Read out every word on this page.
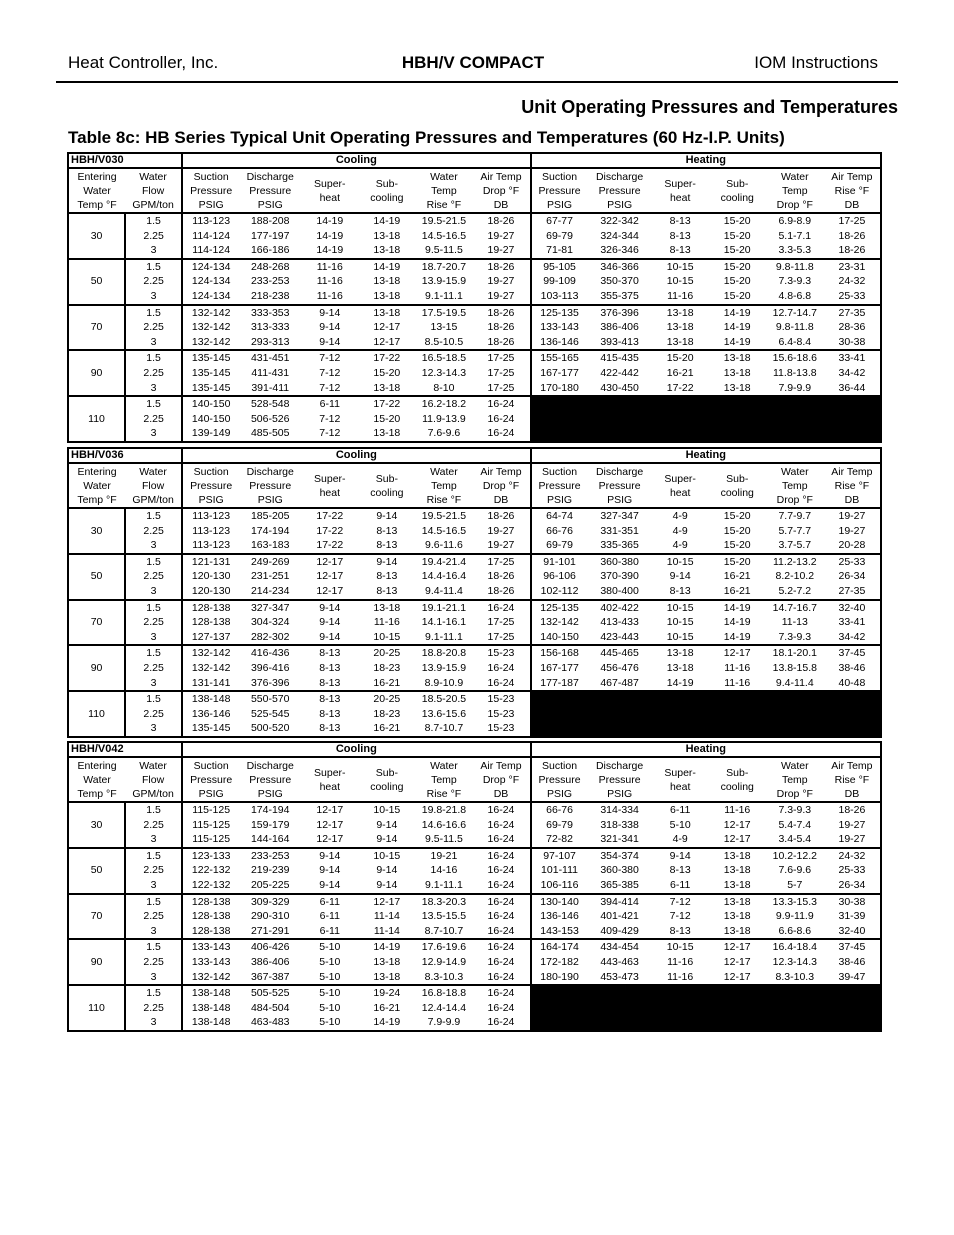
Heat Controller, Inc.	HBH/V COMPACT	IOM Instructions
Unit Operating Pressures and Temperatures
Table 8c: HB Series Typical Unit Operating Pressures and Temperatures (60 Hz-I.P. Units)
HBH/V030		Cooling						Heating					
Entering
Water
Temp °F	Water
Flow
GPM/ton	Suction
Pressure
PSIG	Discharge
Pressure
PSIG	Super-
heat	Sub-
cooling	Water
Temp
Rise °F	Air Temp
Drop °F
DB	Suction
Pressure
PSIG	Discharge
Pressure
PSIG	Super-
heat	Sub-
cooling	Water
Temp
Drop °F	Air Temp
Rise °F
DB
30	1.5	113-123	188-208	14-19	14-19	19.5-21.5	18-26	67-77	322-342	8-13	15-20	6.9-8.9	17-25
	2.25	114-124	177-197	14-19	13-18	14.5-16.5	19-27	69-79	324-344	8-13	15-20	5.1-7.1	18-26
	3	114-124	166-186	14-19	13-18	9.5-11.5	19-27	71-81	326-346	8-13	15-20	3.3-5.3	18-26
50	1.5	124-134	248-268	11-16	14-19	18.7-20.7	18-26	95-105	346-366	10-15	15-20	9.8-11.8	23-31
	2.25	124-134	233-253	11-16	13-18	13.9-15.9	19-27	99-109	350-370	10-15	15-20	7.3-9.3	24-32
	3	124-134	218-238	11-16	13-18	9.1-11.1	19-27	103-113	355-375	11-16	15-20	4.8-6.8	25-33
70	1.5	132-142	333-353	9-14	13-18	17.5-19.5	18-26	125-135	376-396	13-18	14-19	12.7-14.7	27-35
	2.25	132-142	313-333	9-14	12-17	13-15	18-26	133-143	386-406	13-18	14-19	9.8-11.8	28-36
	3	132-142	293-313	9-14	12-17	8.5-10.5	18-26	136-146	393-413	13-18	14-19	6.4-8.4	30-38
90	1.5	135-145	431-451	7-12	17-22	16.5-18.5	17-25	155-165	415-435	15-20	13-18	15.6-18.6	33-41
	2.25	135-145	411-431	7-12	15-20	12.3-14.3	17-25	167-177	422-442	16-21	13-18	11.8-13.8	34-42
	3	135-145	391-411	7-12	13-18	8-10	17-25	170-180	430-450	17-22	13-18	7.9-9.9	36-44
110	1.5	140-150	528-548	6-11	17-22	16.2-18.2	16-24						
	2.25	140-150	506-526	7-12	15-20	11.9-13.9	16-24						
	3	139-149	485-505	7-12	13-18	7.6-9.6	16-24						
HBH/V036		Cooling						Heating					
Entering
Water
Temp °F	Water
Flow
GPM/ton	Suction
Pressure
PSIG	Discharge
Pressure
PSIG	Super-
heat	Sub-
cooling	Water
Temp
Rise °F	Air Temp
Drop °F
DB	Suction
Pressure
PSIG	Discharge
Pressure
PSIG	Super-
heat	Sub-
cooling	Water
Temp
Drop °F	Air Temp
Rise °F
DB
30	1.5	113-123	185-205	17-22	9-14	19.5-21.5	18-26	64-74	327-347	4-9	15-20	7.7-9.7	19-27
	2.25	113-123	174-194	17-22	8-13	14.5-16.5	19-27	66-76	331-351	4-9	15-20	5.7-7.7	19-27
	3	113-123	163-183	17-22	8-13	9.6-11.6	19-27	69-79	335-365	4-9	15-20	3.7-5.7	20-28
50	1.5	121-131	249-269	12-17	9-14	19.4-21.4	17-25	91-101	360-380	10-15	15-20	11.2-13.2	25-33
	2.25	120-130	231-251	12-17	8-13	14.4-16.4	18-26	96-106	370-390	9-14	16-21	8.2-10.2	26-34
	3	120-130	214-234	12-17	8-13	9.4-11.4	18-26	102-112	380-400	8-13	16-21	5.2-7.2	27-35
70	1.5	128-138	327-347	9-14	13-18	19.1-21.1	16-24	125-135	402-422	10-15	14-19	14.7-16.7	32-40
	2.25	128-138	304-324	9-14	11-16	14.1-16.1	17-25	132-142	413-433	10-15	14-19	11-13	33-41
	3	127-137	282-302	9-14	10-15	9.1-11.1	17-25	140-150	423-443	10-15	14-19	7.3-9.3	34-42
90	1.5	132-142	416-436	8-13	20-25	18.8-20.8	15-23	156-168	445-465	13-18	12-17	18.1-20.1	37-45
	2.25	132-142	396-416	8-13	18-23	13.9-15.9	16-24	167-177	456-476	13-18	11-16	13.8-15.8	38-46
	3	131-141	376-396	8-13	16-21	8.9-10.9	16-24	177-187	467-487	14-19	11-16	9.4-11.4	40-48
110	1.5	138-148	550-570	8-13	20-25	18.5-20.5	15-23						
	2.25	136-146	525-545	8-13	18-23	13.6-15.6	15-23						
	3	135-145	500-520	8-13	16-21	8.7-10.7	15-23						
HBH/V042		Cooling						Heating					
Entering
Water
Temp °F	Water
Flow
GPM/ton	Suction
Pressure
PSIG	Discharge
Pressure
PSIG	Super-
heat	Sub-
cooling	Water
Temp
Rise °F	Air Temp
Drop °F
DB	Suction
Pressure
PSIG	Discharge
Pressure
PSIG	Super-
heat	Sub-
cooling	Water
Temp
Drop °F	Air Temp
Rise °F
DB
30	1.5	115-125	174-194	12-17	10-15	19.8-21.8	16-24	66-76	314-334	6-11	11-16	7.3-9.3	18-26
	2.25	115-125	159-179	12-17	9-14	14.6-16.6	16-24	69-79	318-338	5-10	12-17	5.4-7.4	19-27
	3	115-125	144-164	12-17	9-14	9.5-11.5	16-24	72-82	321-341	4-9	12-17	3.4-5.4	19-27
50	1.5	123-133	233-253	9-14	10-15	19-21	16-24	97-107	354-374	9-14	13-18	10.2-12.2	24-32
	2.25	122-132	219-239	9-14	9-14	14-16	16-24	101-111	360-380	8-13	13-18	7.6-9.6	25-33
	3	122-132	205-225	9-14	9-14	9.1-11.1	16-24	106-116	365-385	6-11	13-18	5-7	26-34
70	1.5	128-138	309-329	6-11	12-17	18.3-20.3	16-24	130-140	394-414	7-12	13-18	13.3-15.3	30-38
	2.25	128-138	290-310	6-11	11-14	13.5-15.5	16-24	136-146	401-421	7-12	13-18	9.9-11.9	31-39
	3	128-138	271-291	6-11	11-14	8.7-10.7	16-24	143-153	409-429	8-13	13-18	6.6-8.6	32-40
90	1.5	133-143	406-426	5-10	14-19	17.6-19.6	16-24	164-174	434-454	10-15	12-17	16.4-18.4	37-45
	2.25	133-143	386-406	5-10	13-18	12.9-14.9	16-24	172-182	443-463	11-16	12-17	12.3-14.3	38-46
	3	132-142	367-387	5-10	13-18	8.3-10.3	16-24	180-190	453-473	11-16	12-17	8.3-10.3	39-47
110	1.5	138-148	505-525	5-10	19-24	16.8-18.8	16-24						
	2.25	138-148	484-504	5-10	16-21	12.4-14.4	16-24						
	3	138-148	463-483	5-10	14-19	7.9-9.9	16-24						
